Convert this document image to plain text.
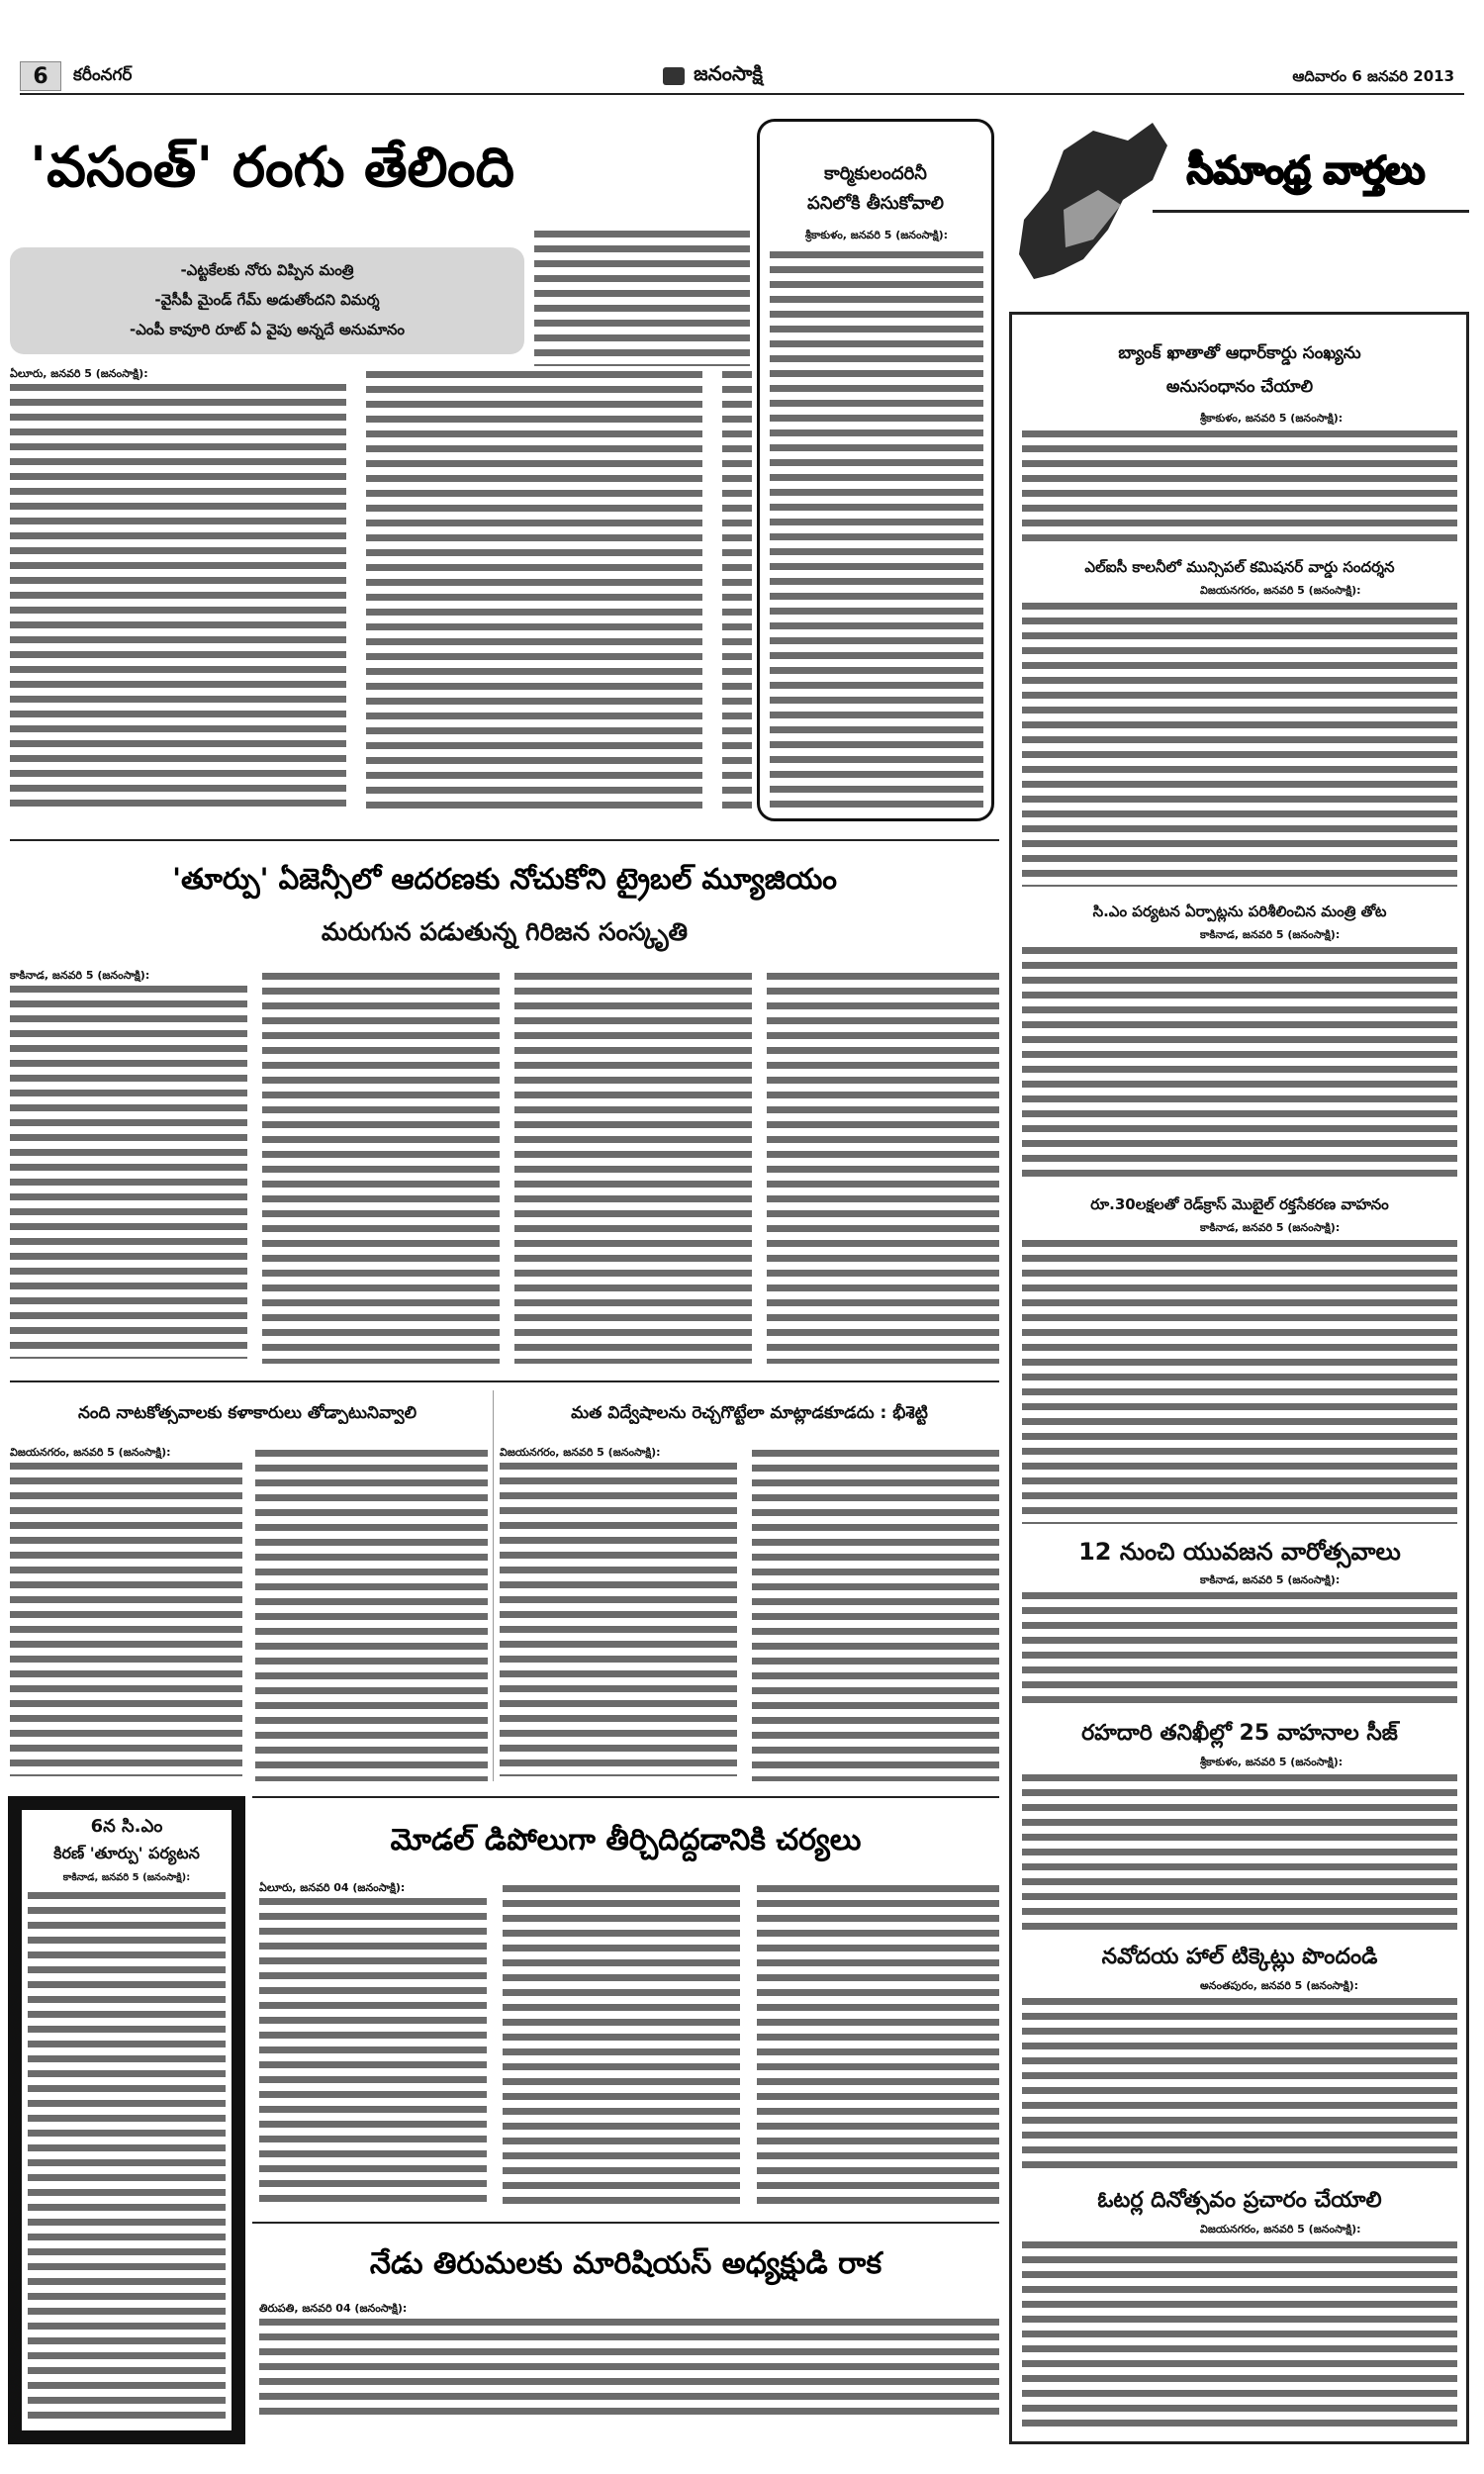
6	కరీంనగర్	జనంసాక్షి	ఆదివారం 6 జనవరి 2013
'వసంత్' రంగు తేలింది
-ఎట్టకేలకు నోరు విప్పిన మంత్రి
-వైసీపీ మైండ్ గేమ్ అడుతోందని విమర్శ
-ఎంపీ కావూరి రూట్ ఏ వైపు అన్నదే అనుమానం
ఏలూరు, జనవరి 5 (జనంసాక్షి):
కార్మికులందరినీ
పనిలోకి తీసుకోవాలి
శ్రీకాకుళం, జనవరి 5 (జనంసాక్షి):
సీమాంధ్ర వార్తలు
బ్యాంక్ ఖాతాతో ఆధార్‌కార్డు సంఖ్యను
అనుసంధానం చేయాలి
శ్రీకాకుళం, జనవరి 5 (జనంసాక్షి):
ఎల్ఐసీ కాలనీలో మున్సిపల్ కమిషనర్ వార్డు సందర్శన
విజయనగరం, జనవరి 5 (జనంసాక్షి):
సి.ఎం పర్యటన ఏర్పాట్లను పరిశీలించిన మంత్రి తోట
కాకినాడ, జనవరి 5 (జనంసాక్షి):
రూ.30లక్షలతో రెడ్‌క్రాస్ మొబైల్ రక్తసేకరణ వాహనం
కాకినాడ, జనవరి 5 (జనంసాక్షి):
12 నుంచి యువజన వారోత్సవాలు
కాకినాడ, జనవరి 5 (జనంసాక్షి):
రహదారి తనిఖీల్లో 25 వాహనాల సీజ్
శ్రీకాకుళం, జనవరి 5 (జనంసాక్షి):
నవోదయ హాల్ టిక్కెట్లు పొందండి
అనంతపురం, జనవరి 5 (జనంసాక్షి):
ఓటర్ల దినోత్సవం ప్రచారం చేయాలి
విజయనగరం, జనవరి 5 (జనంసాక్షి):
'తూర్పు' ఏజెన్సీలో ఆదరణకు నోచుకోని ట్రైబల్ మ్యూజియం
మరుగున పడుతున్న గిరిజన సంస్కృతి
కాకినాడ, జనవరి 5 (జనంసాక్షి):
నంది నాటకోత్సవాలకు కళాకారులు తోడ్పాటునివ్వాలి	మత విద్వేషాలను రెచ్చగొట్టేలా మాట్లాడకూడదు : భీశెట్టి
విజయనగరం, జనవరి 5 (జనంసాక్షి):	విజయనగరం, జనవరి 5 (జనంసాక్షి):
6న సి.ఎం
కిరణ్ 'తూర్పు' పర్యటన
కాకినాడ, జనవరి 5 (జనంసాక్షి):
మోడల్ డిపోలుగా తీర్చిదిద్దడానికి చర్యలు
ఏలూరు, జనవరి 04 (జనంసాక్షి):
నేడు తిరుమలకు మారిషియస్ అధ్యక్షుడి రాక
తిరుపతి, జనవరి 04 (జనంసాక్షి):
